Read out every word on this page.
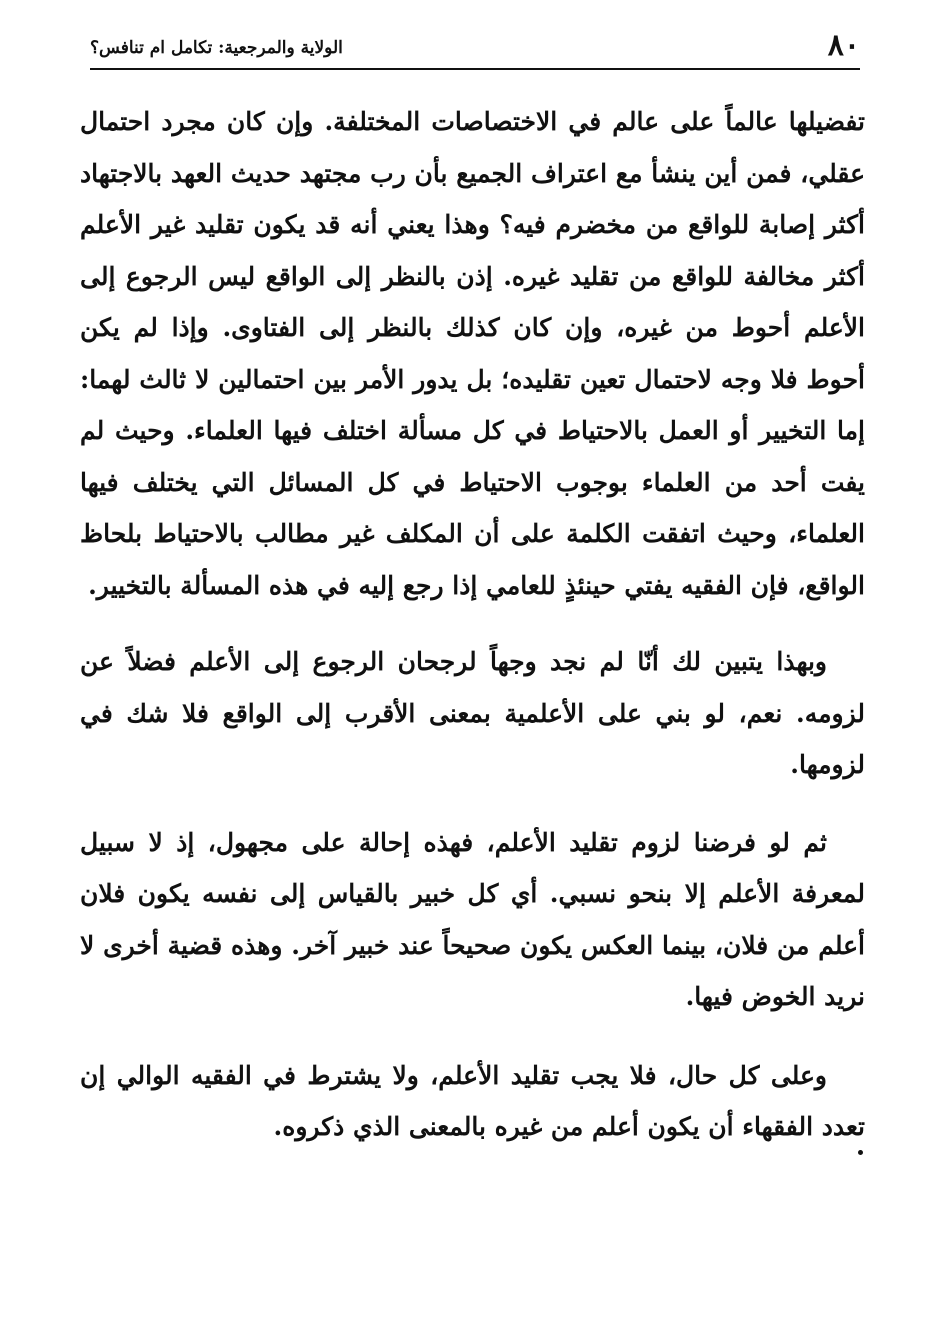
٨٠
الولاية والمرجعية: تكامل ام تنافس؟

تفضيلها عالماً على عالم في الاختصاصات المختلفة. وإن كان مجرد احتمال عقلي، فمن أين ينشأ مع اعتراف الجميع بأن رب مجتهد حديث العهد بالاجتهاد أكثر إصابة للواقع من مخضرم فيه؟ وهذا يعني أنه قد يكون تقليد غير الأعلم أكثر مخالفة للواقع من تقليد غيره. إذن بالنظر إلى الواقع ليس الرجوع إلى الأعلم أحوط من غيره، وإن كان كذلك بالنظر إلى الفتاوى. وإذا لم يكن أحوط فلا وجه لاحتمال تعين تقليده؛ بل يدور الأمر بين احتمالين لا ثالث لهما: إما التخيير أو العمل بالاحتياط في كل مسألة اختلف فيها العلماء. وحيث لم يفت أحد من العلماء بوجوب الاحتياط في كل المسائل التي يختلف فيها العلماء، وحيث اتفقت الكلمة على أن المكلف غير مطالب بالاحتياط بلحاظ الواقع، فإن الفقيه يفتي حينئذٍ للعامي إذا رجع إليه في هذه المسألة بالتخيير.

وبهذا يتبين لك أنّا لم نجد وجهاً لرجحان الرجوع إلى الأعلم فضلاً عن لزومه. نعم، لو بني على الأعلمية بمعنى الأقرب إلى الواقع فلا شك في لزومها.

ثم لو فرضنا لزوم تقليد الأعلم، فهذه إحالة على مجهول، إذ لا سبيل لمعرفة الأعلم إلا بنحو نسبي. أي كل خبير بالقياس إلى نفسه يكون فلان أعلم من فلان، بينما العكس يكون صحيحاً عند خبير آخر. وهذه قضية أخرى لا نريد الخوض فيها.

وعلى كل حال، فلا يجب تقليد الأعلم، ولا يشترط في الفقيه الوالي إن تعدد الفقهاء أن يكون أعلم من غيره بالمعنى الذي ذكروه.
